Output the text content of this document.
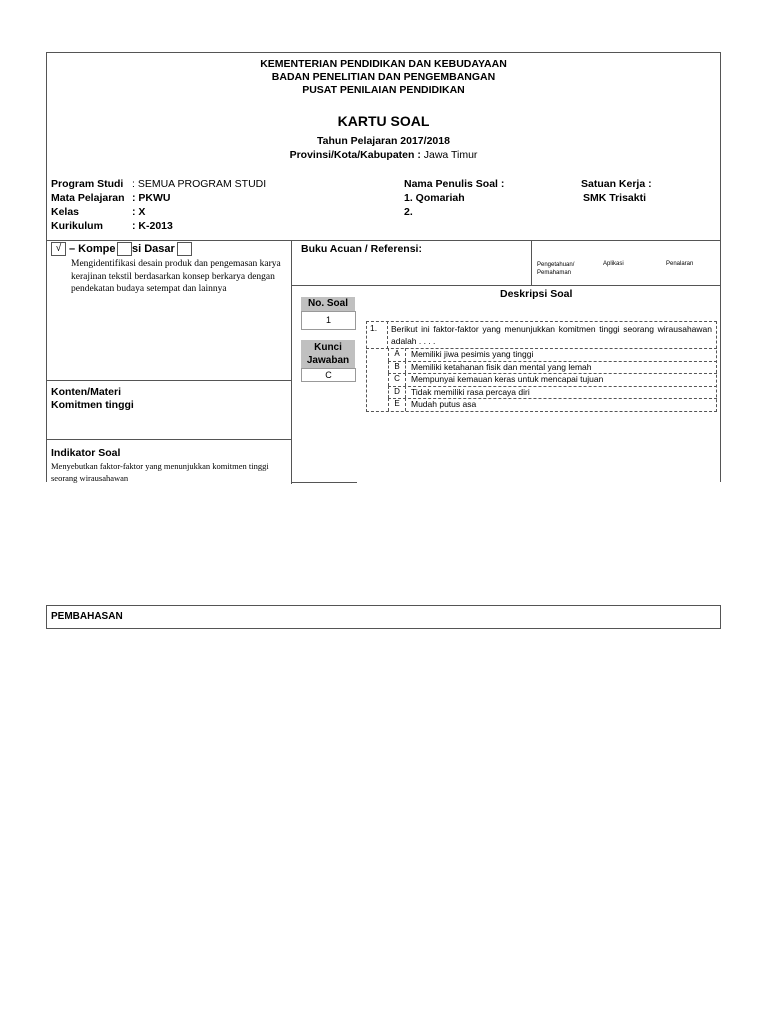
KEMENTERIAN PENDIDIKAN DAN KEBUDAYAAN
BADAN PENELITIAN DAN PENGEMBANGAN
PUSAT PENILAIAN PENDIDIKAN
KARTU SOAL
Tahun Pelajaran 2017/2018
Provinsi/Kota/Kabupaten : Jawa Timur
Program Studi : SEMUA PROGRAM STUDI
Mata Pelajaran : PKWU
Kelas	: X
Kurikulum	: K-2013
Nama Penulis Soal :
1. Qomariah
2.
Satuan Kerja :
SMK Trisakti
√ – Kompe si Dasar
Mengidentifikasi desain produk dan pengemasan karya kerajinan tekstil berdasarkan konsep berkarya dengan pendekatan budaya setempat dan lainnya
Konten/Materi
Komitmen tinggi
Indikator Soal
Menyebutkan faktor-faktor yang menunjukkan komitmen tinggi seorang wirausahawan
Buku Acuan / Referensi:
Pengetahuan/ Pemahaman
Aplikasi	Penalaran
Deskripsi Soal
No. Soal
1
Kunci Jawaban
C
1. Berikut ini faktor-faktor yang menunjukkan komitmen tinggi seorang wirausahawan adalah . . . .
A	Memiliki jiwa pesimis yang tinggi
B	Memiliki ketahanan fisik dan mental yang lemah
C	Mempunyai kemauan keras untuk mencapai tujuan
D	Tidak memiliki rasa percaya diri
E	Mudah putus asa
PEMBAHASAN
